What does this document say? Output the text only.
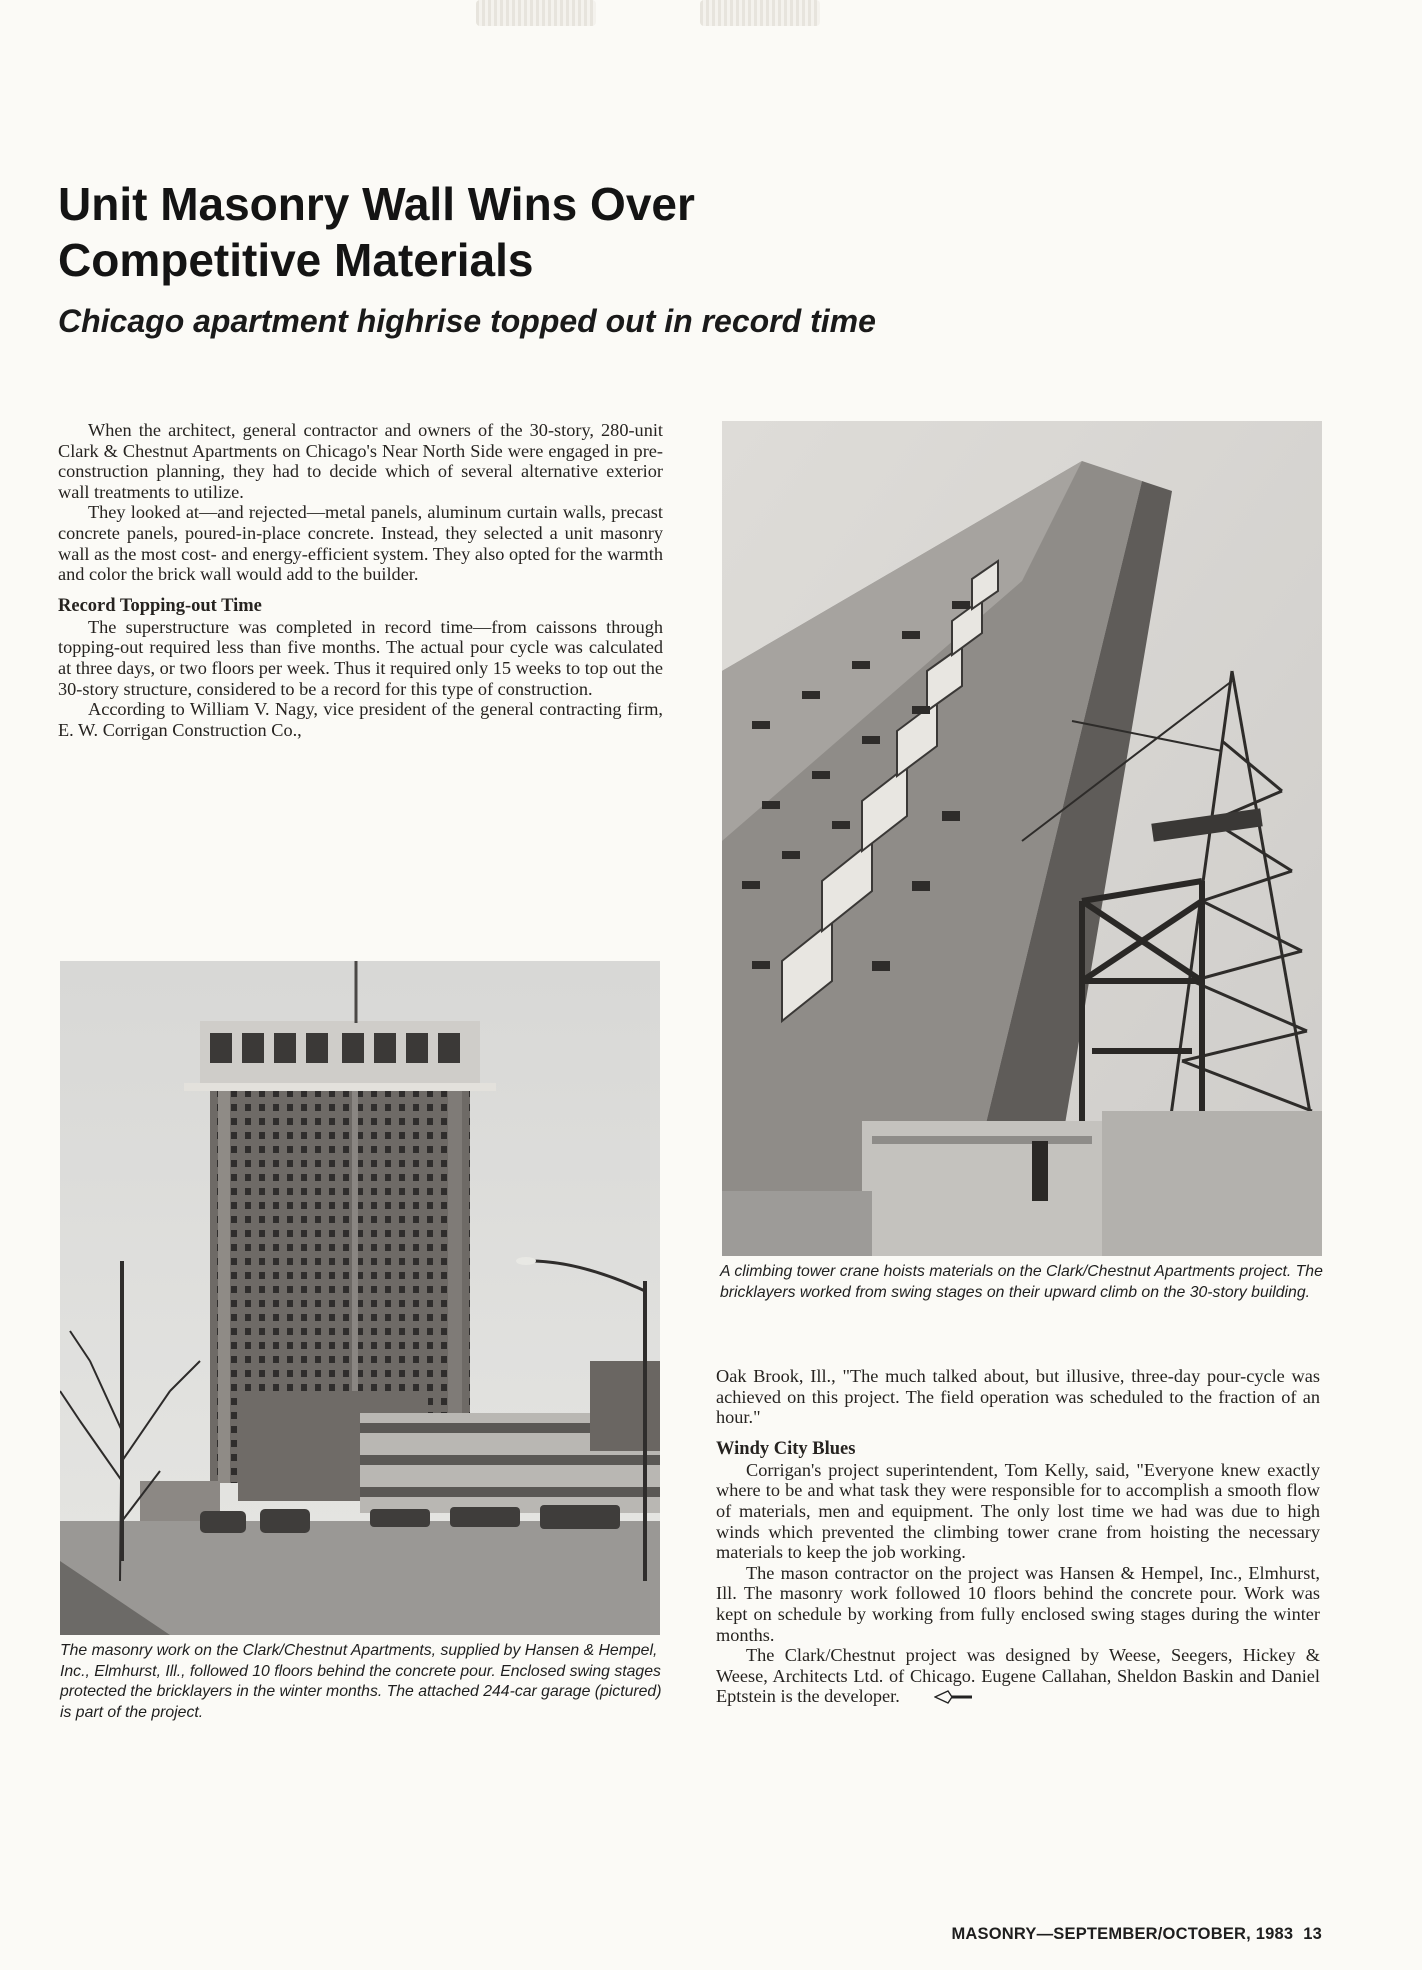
Unit Masonry Wall Wins Over
Competitive Materials
Chicago apartment highrise topped out in record time

When the architect, general contractor and owners of the 30-story, 280-unit Clark & Chestnut Apartments on Chicago's Near North Side were engaged in pre-construction planning, they had to decide which of several alternative exterior wall treatments to utilize.

They looked at—and rejected—metal panels, aluminum curtain walls, precast concrete panels, poured-in-place concrete. Instead, they selected a unit masonry wall as the most cost- and energy-efficient system. They also opted for the warmth and color the brick wall would add to the builder.

Record Topping-out Time

The superstructure was completed in record time—from caissons through topping-out required less than five months. The actual pour cycle was calculated at three days, or two floors per week. Thus it required only 15 weeks to top out the 30-story structure, considered to be a record for this type of construction.

According to William V. Nagy, vice president of the general contracting firm, E. W. Corrigan Construction Co.,

The masonry work on the Clark/Chestnut Apartments, supplied by Hansen & Hempel, Inc., Elmhurst, Ill., followed 10 floors behind the concrete pour. Enclosed swing stages protected the bricklayers in the winter months. The attached 244-car garage (pictured) is part of the project.

A climbing tower crane hoists materials on the Clark/Chestnut Apartments project. The bricklayers worked from swing stages on their upward climb on the 30-story building.

Oak Brook, Ill., "The much talked about, but illusive, three-day pour-cycle was achieved on this project. The field operation was scheduled to the fraction of an hour."

Windy City Blues

Corrigan's project superintendent, Tom Kelly, said, "Everyone knew exactly where to be and what task they were responsible for to accomplish a smooth flow of materials, men and equipment. The only lost time we had was due to high winds which prevented the climbing tower crane from hoisting the necessary materials to keep the job working.

The mason contractor on the project was Hansen & Hempel, Inc., Elmhurst, Ill. The masonry work followed 10 floors behind the concrete pour. Work was kept on schedule by working from fully enclosed swing stages during the winter months.

The Clark/Chestnut project was designed by Weese, Seegers, Hickey & Weese, Architects Ltd. of Chicago. Eugene Callahan, Sheldon Baskin and Daniel Eptstein is the developer.

MASONRY—SEPTEMBER/OCTOBER, 1983 13
